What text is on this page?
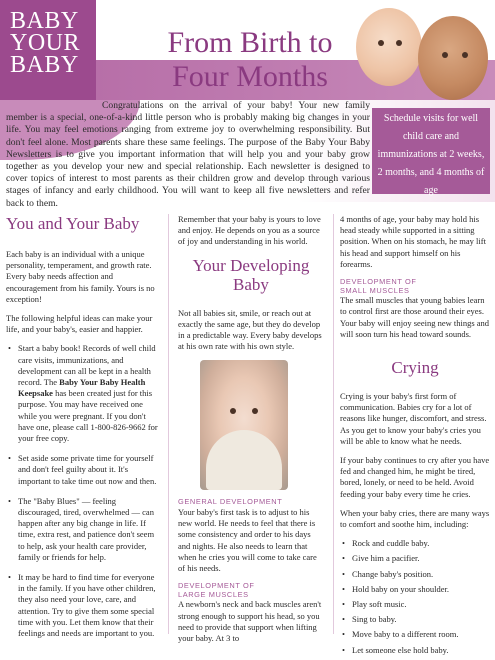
BABY
YOUR
BABY
From Birth to
Four Months

Congratulations on the arrival of your baby! Your new family member is a special, one-of-a-kind little person who is probably making big changes in your life. You may feel emotions ranging from extreme joy to overwhelming responsibility. But don't feel alone. Most parents share these same feelings. The purpose of the Baby Your Baby Newsletters is to give you important information that will help you and your baby grow together as you develop your new and special relationship. Each newsletter is designed to cover topics of interest to most parents as their children grow and develop through various stages of infancy and early childhood. You will want to keep all five newsletters and refer back to them.

Schedule visits for well child care and immunizations at 2 weeks, 2 months, and 4 months of age
You and Your Baby

Each baby is an individual with a unique personality, temperament, and growth rate. Every baby needs affection and encouragement from his family. Yours is no exception!

The following helpful ideas can make your life, and your baby's, easier and happier.

• Start a baby book! Records of well child care visits, immunizations, and development can all be kept in a health record. The Baby Your Baby Health Keepsake has been created just for this purpose. You may have received one while you were pregnant. If you don't have one, please call 1-800-826-9662 for your free copy.
• Set aside some private time for yourself and don't feel guilty about it. It's important to take time out now and then.
• The "Baby Blues" — feeling discouraged, tired, overwhelmed — can happen after any big change in life. If time, extra rest, and patience don't seem to help, ask your health care provider, family or friends for help.
• It may be hard to find time for everyone in the family. If you have other children, they also need your love, care, and attention. Try to give them some special time with you. Let them know that their feelings and needs are important to you.

Remember that your baby is yours to love and enjoy. He depends on you as a source of joy and understanding in his world.

Your Developing Baby

Not all babies sit, smile, or reach out at exactly the same age, but they do develop in a predictable way. Every baby develops at his own rate with his own style.

GENERAL DEVELOPMENT

Your baby's first task is to adjust to his new world. He needs to feel that there is some consistency and order to his days and nights. He also needs to learn that when he cries you will come to take care of his needs.

DEVELOPMENT OF
LARGE MUSCLES

A newborn's neck and back muscles aren't strong enough to support his head, so you need to provide that support when lifting your baby. At 3 to

4 months of age, your baby may hold his head steady while supported in a sitting position. When on his stomach, he may lift his head and support himself on his forearms.

DEVELOPMENT OF
SMALL MUSCLES

The small muscles that young babies learn to control first are those around their eyes. Your baby will enjoy seeing new things and will soon turn his head toward sounds.

Crying

Crying is your baby's first form of communication. Babies cry for a lot of reasons like hunger, discomfort, and stress. As you get to know your baby's cries you will be able to know what he needs.

If your baby continues to cry after you have fed and changed him, he might be tired, bored, lonely, or need to be held. Avoid feeding your baby every time he cries.

When your baby cries, there are many ways to comfort and soothe him, including:

• Rock and cuddle baby.
• Give him a pacifier.
• Change baby's position.
• Hold baby on your shoulder.
• Play soft music.
• Sing to baby.
• Move baby to a different room.
• Let someone else hold baby.
